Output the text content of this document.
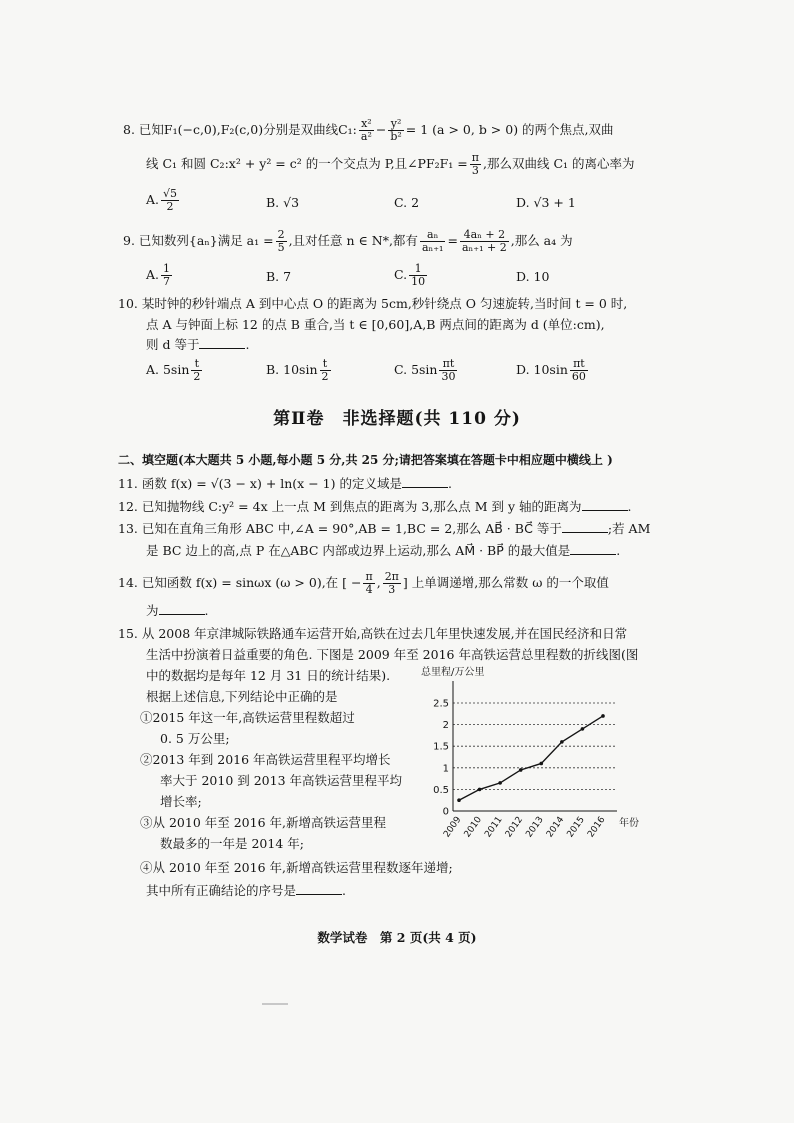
8. 已知F₁(−c,0),F₂(c,0)分别是双曲线C₁: $\frac{\text{x²}}{\text{a²}} - \frac{\text{y²}}{\text{b²}} = 1$ (a > 0, b > 0) 的两个焦点,双曲
线 C₁ 和圆 C₂:x² + y² = c² 的一个交点为 P,且∠PF₂F₁ = $\frac{\pi}{3}$ ,那么双曲线 C₁ 的离心率为
A. $\frac{√5}{2}$	B. √3	C. 2	D. √3 + 1
9. 已知数列{aₙ}满足 $a_1 = \frac{2}{5}$ ,且对任意 n ∈ N*,都有 $\frac{\text{aₙ}}{\text{aₙ₊₁}} = \frac{\text{4aₙ + 2}}{\text{aₙ₊₁ + 2}}$ ,那么 a₄ 为
A. $\frac{1}{7}$	B. 7	C. $\frac{1}{10}$	D. 10
10. 某时钟的秒针端点 A 到中心点 O 的距离为 5cm,秒针绕点 O 匀速旋转,当时间 t = 0 时,
点 A 与钟面上标 12 的点 B 重合,当 t ∈ [0,60],A,B 两点间的距离为 d (单位:cm),
则 d 等于	.
A. $5\sin \frac{t}{2}$	B. $10\sin \frac{t}{2}$	C. $5\sin \frac{\pi t}{30}$	D. $10\sin \frac{\pi t}{60}$
第Ⅱ卷　非选择题(共 110 分)
二、填空题(本大题共 5 小题,每小题 5 分,共 25 分;请把答案填在答题卡中相应题中横线上 )
11. 函数 f(x) = √(3 − x) + ln(x − 1) 的定义域是	.
12. 已知抛物线 C:y² = 4x 上一点 M 到焦点的距离为 3,那么点 M 到 y 轴的距离为	.
13. 已知在直角三角形 ABC 中,∠A = 90°,AB = 1,BC = 2,那么 AB⃗ · BC⃗ 等于	;若 AM
是 BC 边上的高,点 P 在△ABC 内部或边界上运动,那么 AM⃗ · BP⃗ 的最大值是	.
14. 已知函数 f(x) = sinωx (ω > 0),在 [ − $\frac{\pi}{4}$ , $\frac{2\pi}{3}$ ] 上单调递增,那么常数 ω 的一个取值
为	.
15. 从 2008 年京津城际铁路通车运营开始,高铁在过去几年里快速发展,并在国民经济和日常
生活中扮演着日益重要的角色. 下图是 2009 年至 2016 年高铁运营总里程数的折线图(图
中的数据均是每年 12 月 31 日的统计结果).
根据上述信息,下列结论中正确的是
①2015 年这一年,高铁运营里程数超过
0. 5 万公里;
②2013 年到 2016 年高铁运营里程平均增长
率大于 2010 到 2013 年高铁运营里程平均
增长率;
③从 2010 年至 2016 年,新增高铁运营里程
数最多的一年是 2014 年;
④从 2010 年至 2016 年,新增高铁运营里程数逐年递增;
其中所有正确结论的序号是	.
总里程/万公里
0
0.5
1
1.5
2
2.5
2009 2010 2011 2012 2013 2014 2015 2016 年份
数学试卷　第 2 页(共 4 页)
